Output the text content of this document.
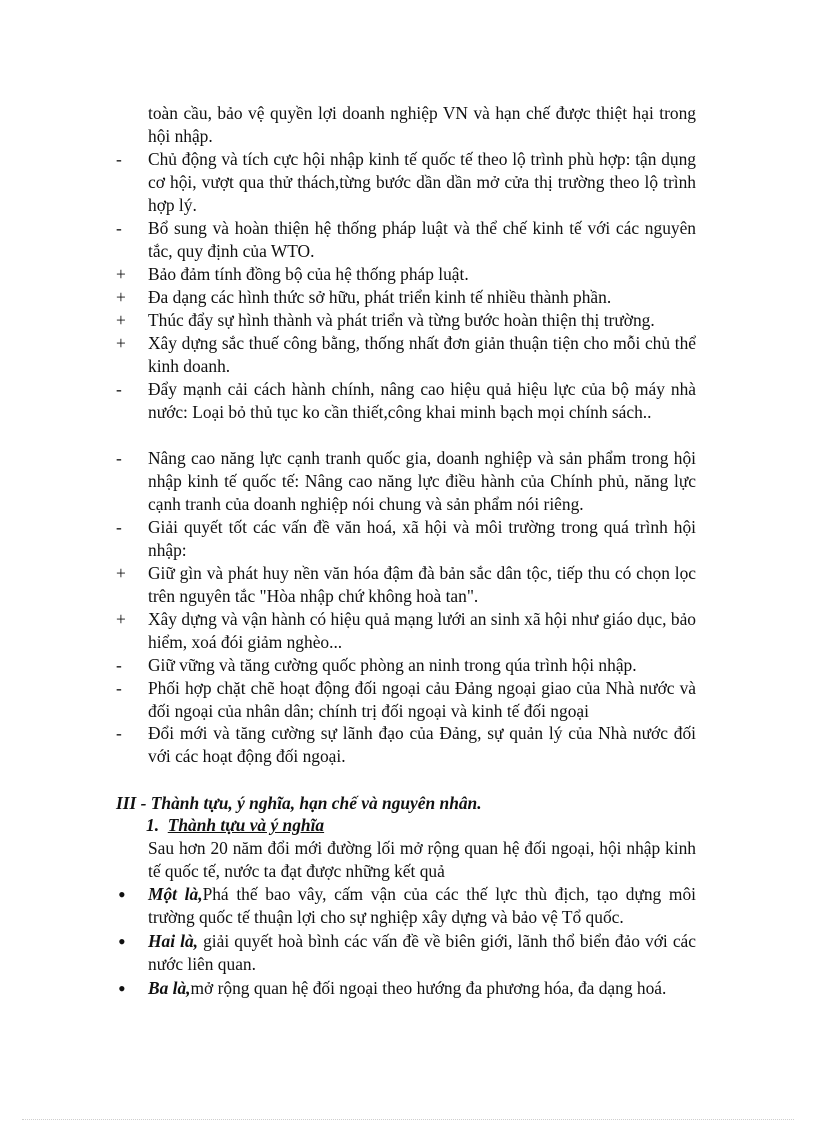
toàn cầu, bảo vệ quyền lợi doanh nghiệp VN và hạn chế được thiệt hại trong hội nhập.
-	Chủ động và tích cực hội nhập kinh tế quốc tế theo lộ trình phù hợp: tận dụng cơ hội, vượt qua thử thách,từng bước dần dần mở cửa thị trường theo lộ trình hợp lý.
-	Bổ sung và hoàn thiện hệ thống pháp luật và thể chế kinh tế với các nguyên tắc, quy định của WTO.
+	Bảo đảm tính đồng bộ của hệ thống pháp luật.
+	Đa dạng các hình thức sở hữu, phát triển kinh tế nhiều thành phần.
+	Thúc đẩy sự hình thành và phát triển và từng bước hoàn thiện thị trường.
+	Xây dựng sắc thuế công bằng, thống nhất đơn giản thuận tiện cho mỗi chủ thể kinh doanh.
-	Đẩy mạnh cải cách hành chính, nâng cao hiệu quả hiệu lực của bộ máy nhà nước: Loại bỏ thủ tục ko cần thiết,công khai minh bạch mọi chính sách..
-	Nâng cao năng lực cạnh tranh quốc gia, doanh nghiệp và sản phẩm trong hội nhập kinh tế quốc tế: Nâng cao năng lực điều hành của Chính phủ, năng lực cạnh tranh của doanh nghiệp nói chung và sản phẩm nói riêng.
-	Giải quyết tốt các vấn đề văn hoá, xã hội và môi trường trong quá trình hội nhập:
+	Giữ gìn và phát huy nền văn hóa đậm đà bản sắc dân tộc, tiếp thu có chọn lọc trên nguyên tắc "Hòa nhập chứ không hoà tan".
+	Xây dựng và vận hành có hiệu quả mạng lưới an sinh xã hội như giáo dục, bảo hiểm, xoá đói giảm nghèo...
-	Giữ vững và tăng cường quốc phòng an ninh trong qúa trình hội nhập.
-	Phối hợp chặt chẽ hoạt động đối ngoại cảu Đảng ngoại giao của Nhà nước và đối ngoại của nhân dân; chính trị đối ngoại và kinh tế đối ngoại
-	Đổi mới và tăng cường sự lãnh đạo của Đảng, sự quản lý của Nhà nước đối với các hoạt động đối ngoại.
III - Thành tựu, ý nghĩa, hạn chế và nguyên nhân.
1. Thành tựu và ý nghĩa
Sau hơn 20 năm đổi mới đường lối mở rộng quan hệ đối ngoại, hội nhập kinh tế quốc tế, nước ta đạt được những kết quả
•	Một là,Phá thế bao vây, cấm vận của các thế lực thù địch, tạo dựng môi trường quốc tế thuận lợi cho sự nghiệp xây dựng và bảo vệ Tổ quốc.
•	Hai là, giải quyết hoà bình các vấn đề về biên giới, lãnh thổ biển đảo với các nước liên quan.
•	Ba là,mở rộng quan hệ đối ngoại theo hướng đa phương hóa, đa dạng hoá.
